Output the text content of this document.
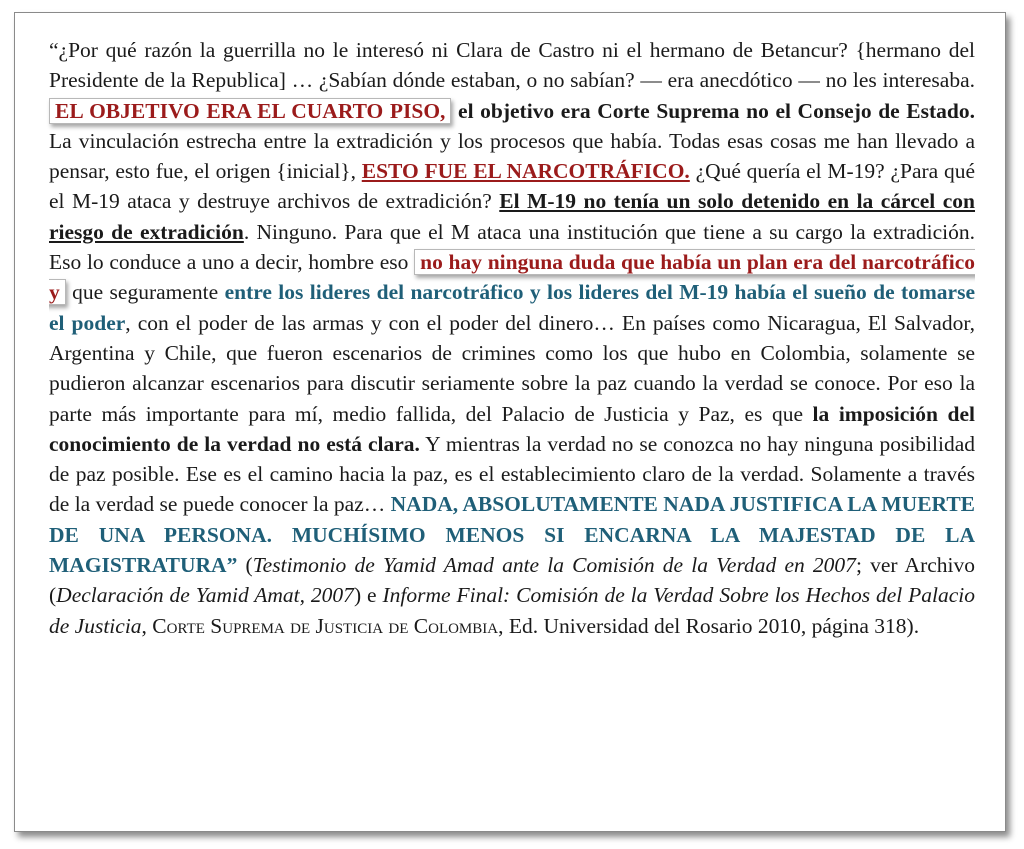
“¿Por qué razón la guerrilla no le interesó ni Clara de Castro ni el hermano de Betancur? {hermano del Presidente de la Republica] … ¿Sabían dónde estaban, o no sabían? — era anecdótico — no les interesaba. EL OBJETIVO ERA EL CUARTO PISO, el objetivo era Corte Suprema no el Consejo de Estado. La vinculación estrecha entre la extradición y los procesos que había. Todas esas cosas me han llevado a pensar, esto fue, el origen {inicial}, ESTO FUE EL NARCOTRÁFICO. ¿Qué quería el M-19? ¿Para qué el M-19 ataca y destruye archivos de extradición? El M-19 no tenía un solo detenido en la cárcel con riesgo de extradición. Ninguno. Para que el M ataca una institución que tiene a su cargo la extradición. Eso lo conduce a uno a decir, hombre eso no hay ninguna duda que había un plan era del narcotráfico y que seguramente entre los lideres del narcotráfico y los lideres del M-19 había el sueño de tomarse el poder, con el poder de las armas y con el poder del dinero… En países como Nicaragua, El Salvador, Argentina y Chile, que fueron escenarios de crimines como los que hubo en Colombia, solamente se pudieron alcanzar escenarios para discutir seriamente sobre la paz cuando la verdad se conoce. Por eso la parte más importante para mí, medio fallida, del Palacio de Justicia y Paz, es que la imposición del conocimiento de la verdad no está clara. Y mientras la verdad no se conozca no hay ninguna posibilidad de paz posible. Ese es el camino hacia la paz, es el establecimiento claro de la verdad. Solamente a través de la verdad se puede conocer la paz… NADA, ABSOLUTAMENTE NADA JUSTIFICA LA MUERTE DE UNA PERSONA. MUCHÍSIMO MENOS SI ENCARNA LA MAJESTAD DE LA MAGISTRATURA” (Testimonio de Yamid Amad ante la Comisión de la Verdad en 2007; ver Archivo (Declaración de Yamid Amat, 2007) e Informe Final: Comisión de la Verdad Sobre los Hechos del Palacio de Justicia, Corte Suprema de Justicia de Colombia, Ed. Universidad del Rosario 2010, página 318).
